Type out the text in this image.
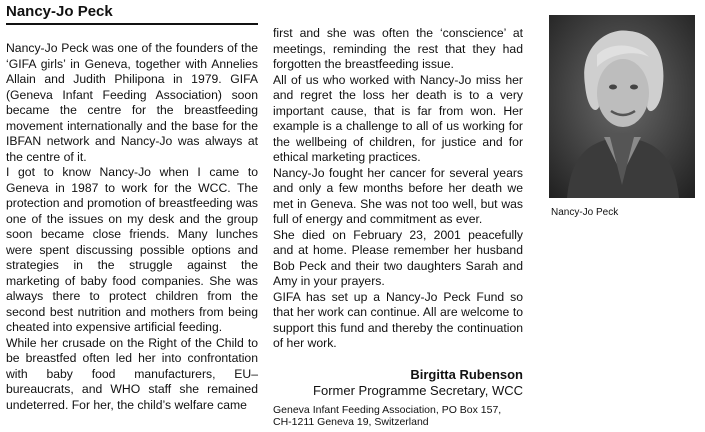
Nancy-Jo Peck

Nancy-Jo Peck was one of the founders of the ‘GIFA girls’ in Geneva, together with Annelies Allain and Judith Philipona in 1979. GIFA (Geneva Infant Feeding Association) soon became the centre for the breastfeeding movement internationally and the base for the IBFAN network and Nancy-Jo was always at the centre of it.

I got to know Nancy-Jo when I came to Geneva in 1987 to work for the WCC. The protection and promotion of breastfeeding was one of the issues on my desk and the group soon became close friends. Many lunches were spent discussing possible options and strategies in the struggle against the marketing of baby food companies. She was always there to protect children from the second best nutrition and mothers from being cheated into expensive artificial feeding.

While her crusade on the Right of the Child to be breastfed often led her into confrontation with baby food manufacturers, EU–bureaucrats, and WHO staff she remained undeterred. For her, the child’s welfare came

first and she was often the ‘conscience’ at meetings, reminding the rest that they had forgotten the breastfeeding issue.

All of us who worked with Nancy-Jo miss her and regret the loss her death is to a very important cause, that is far from won. Her example is a challenge to all of us working for the wellbeing of children, for justice and for ethical marketing practices.

Nancy-Jo fought her cancer for several years and only a few months before her death we met in Geneva. She was not too well, but was full of energy and commitment as ever.

She died on February 23, 2001 peacefully and at home. Please remember her husband Bob Peck and their two daughters Sarah and Amy in your prayers.

GIFA has set up a Nancy-Jo Peck Fund so that her work can continue. All are welcome to support this fund and thereby the continuation of her work.

Birgitta Rubenson
Former Programme Secretary, WCC
Geneva Infant Feeding Association, PO Box 157,
CH-1211 Geneva 19, Switzerland
Nancy-Jo Peck
